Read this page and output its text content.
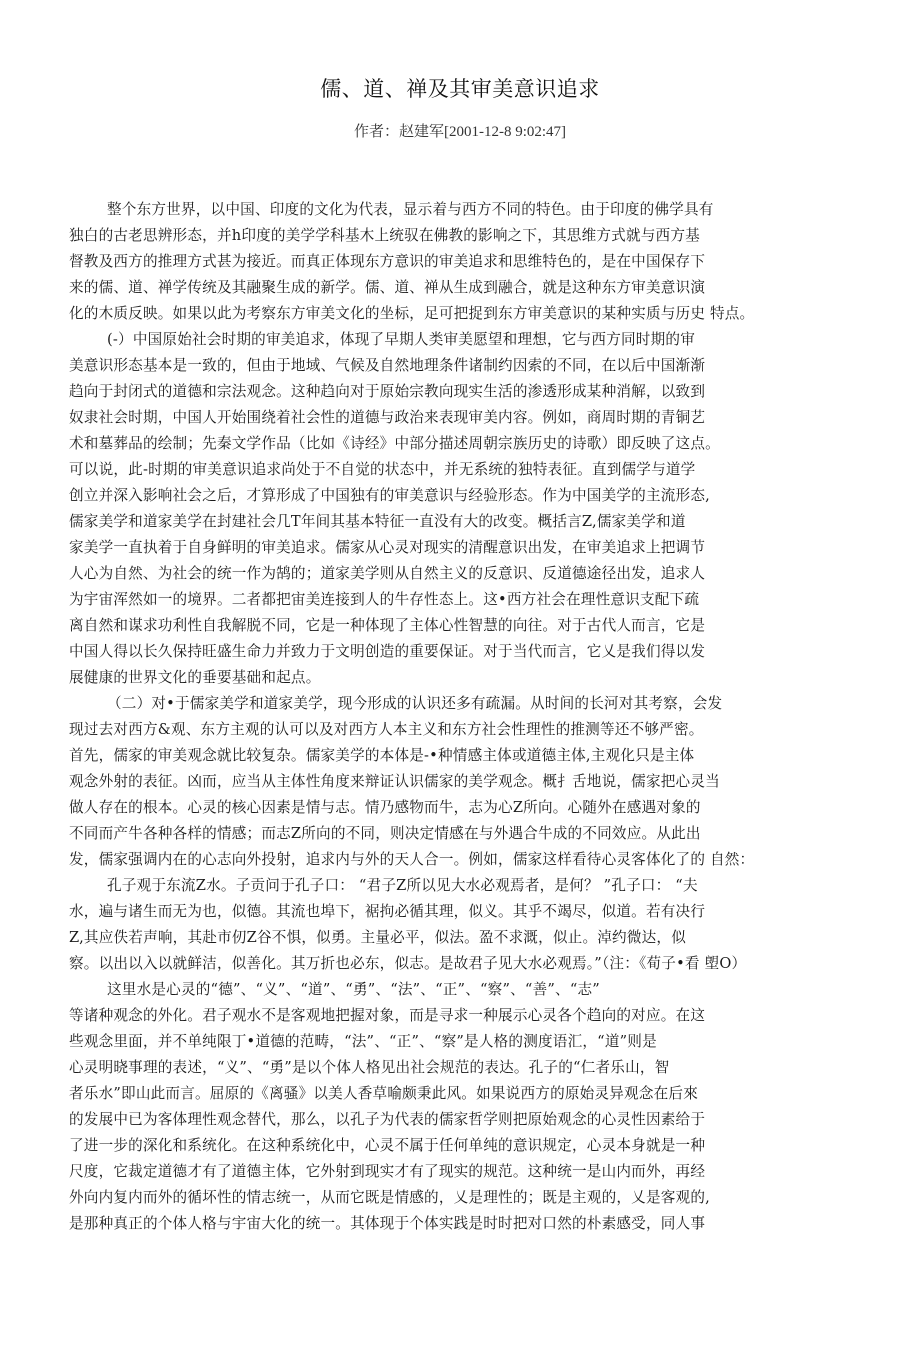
儒、道、禅及其审美意识追求
作者：赵建军[2001-12-8 9:02:47]
整个东方世界，以中国、印度的文化为代表，显示着与西方不同的特色。由于印度的佛学具有
独白的古老思辨形态，并h印度的美学学科基木上统驭在佛教的影响之下，其思维方式就与西方基
督教及西方的推理方式甚为接近。而真正体现东方意识的审美追求和思维特色的，是在中国保存下
来的儒、道、禅学传统及其融聚生成的新学。儒、道、禅从生成到融合，就是这种东方审美意识演
化的木质反映。如果以此为考察东方审美文化的坐标，足可把捉到东方审美意识的某种实质与历史 特点。
(-）中国原始社会时期的审美追求，体现了早期人类审美愿望和理想，它与西方同时期的审
美意识形态基本是一致的，但由于地域、气候及自然地理条件诸制约因索的不同，在以后中国渐渐
趋向于封闭式的道德和宗法观念。这种趋向对于原始宗教向现实生活的渗透形成某种消解，以致到
奴隶社会时期，中国人开始围绕着社会性的道德与政治来表现审美内容。例如，商周时期的青铜艺
术和墓葬品的绘制；先秦文学作品（比如《诗经》中部分描述周朝宗族历史的诗歌）即反映了这点。
可以说，此-时期的审美意识追求尚处于不自觉的状态中，并无系统的独特表征。直到儒学与道学
创立并深入影响社会之后，才算形成了中国独有的审美意识与经验形态。作为中国美学的主流形态,
儒家美学和道家美学在封建社会几T年间其基本特征一直没有大的改变。概括言Z,儒家美学和道
家美学一直执着于自身鲜明的审美追求。儒家从心灵对现实的清醒意识出发，在审美追求上把调节
人心为自然、为社会的统一作为鹄的；道家美学则从自然主义的反意识、反道德途径出发，追求人
为宇宙浑然如一的境界。二者都把宙美连接到人的牛存性态上。这•西方社会在理性意识支配下疏
离自然和谋求功利性自我解脱不同，它是一种体现了主体心性智慧的向往。对于古代人而言，它是
中国人得以长久保持旺盛生命力并致力于文明创造的重要保证。对于当代而言，它乂是我们得以发
展健康的世界文化的垂要基础和起点。
（二）对•于儒家美学和道家美学，现今形成的认识还多有疏漏。从时间的长河对其考察，会发
现过去对西方&观、东方主观的认可以及对西方人本主义和东方社会性理性的推测等还不够严密。
首先，儒家的审美观念就比较复杂。儒家美学的本体是-•种情感主体或道德主体,主观化只是主体
观念外射的表征。凶而，应当从主体性角度来辩证认识儒家的美学观念。概扌舌地说，儒家把心灵当
做人存在的根本。心灵的核心因素是情与志。情乃感物而牛，志为心Z所向。心随外在感遇对象的
不同而产牛各种各样的情感；而志Z所向的不同，则决定情感在与外遇合牛成的不同效应。从此出
发，儒家强调内在的心志向外投射，追求内与外的天人合一。例如，儒家这样看待心灵客体化了的 自然：
孔子观于东流Z水。子贡问于孔子口： “君子Z所以见大水必观焉者，是何？ ”孔子口： “夫
水，遍与诸生而无为也，似德。其流也埠下，裾拘必循其理，似义。其乎不竭尽，似道。若有决行
Z,其应佚若声响，其赴市仞Z谷不惧，似勇。主量必平，似法。盈不求溉，似止。淖约微达，似
察。以出以入以就鲜洁，似善化。其万折也必东，似志。是故君子见大水必观焉。”（注：《荀子•看 塱O）
这里水是心灵的“德”、“义”、“道”、“勇”、“法”、“正”、“察”、“善”、“志”
等诸种观念的外化。君子观水不是客观地把握对象，而是寻求一种展示心灵各个趋向的对应。在这
些观念里面，并不单纯限丁•道德的范畴，“法”、“正”、“察”是人格的测度语汇，“道”则是
心灵明晓事理的表述，“义”、“勇”是以个体人格见出社会规范的表达。孔子的“仁者乐山，智
者乐水”即山此而言。屈原的《离骚》以美人香草喻颇秉此风。如果说西方的原始灵异观念在后來
的发展中已为客体理性观念替代，那么，以孔子为代表的儒家哲学则把原始观念的心灵性因素给于
了进一步的深化和系统化。在这种系统化中，心灵不属于任何单纯的意识规定，心灵本身就是一种
尺度，它裁定道德才有了道德主体，它外射到现实才有了现实的规范。这种统一是山内而外，再经
外向内复内而外的循坏性的情志统一，从而它既是情感的，乂是理性的；既是主观的，乂是客观的,
是那种真正的个体人格与宇宙大化的统一。其体现于个体实践是时时把对口然的朴素感受，同人事
